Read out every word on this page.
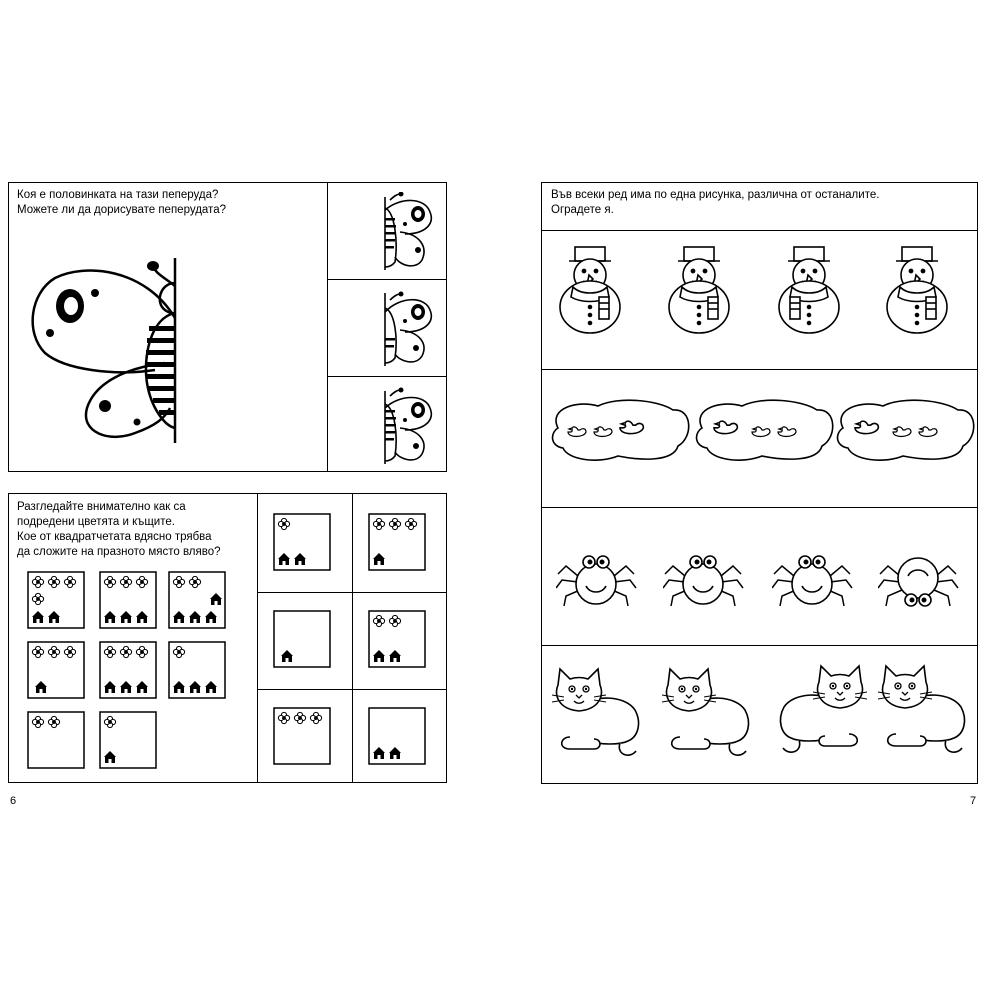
Коя е половинката на тази пеперуда?
Можете ли да дорисувате пеперудата?
Разгледайте внимателно как са
подредени цветята и къщите.
Кое от квадратчетата вдясно трябва
да сложите на празното място вляво?
6
Във всеки ред има по една рисунка, различна от останалите.
Оградете я.
7
